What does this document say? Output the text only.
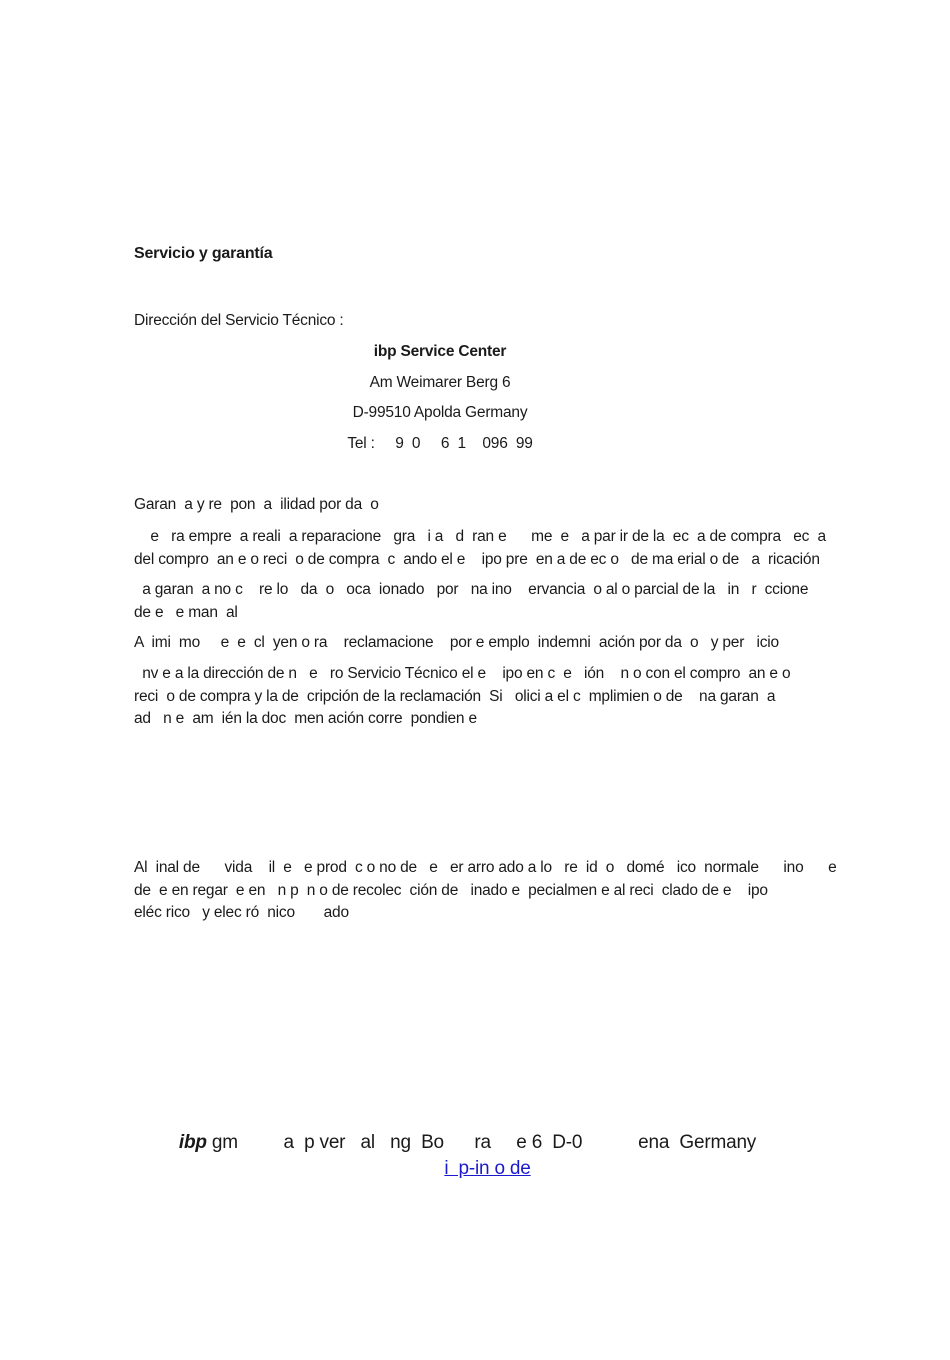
Servicio y garantía
Dirección del Servicio Técnico :
ibp Service Center
Am Weimarer Berg 6
D-99510 Apolda Germany
Tel :     9  0     6  1    096  99
Garan  a y re  pon  a  ilidad por da  o
e   ra empre  a reali  a reparacione   gra   i a   d  ran e      me  e   a par ir de la  ec  a de compra   ec  a
del compro  an e o reci  o de compra  c  ando el e    ipo pre  en a de ec o   de ma erial o de   a  ricación
a garan  a no c    re lo   da  o   oca  ionado   por   na ino    ervancia  o al o parcial de la   in   r  ccione
de e   e man  al
A  imi  mo     e  e  cl  yen o ra    reclamacione    por e emplo  indemni  ación por da  o   y per   icio
nv e a la dirección de n   e   ro Servicio Técnico el e    ipo en c  e   ión    n o con el compro  an e o
reci  o de compra y la de  cripción de la reclamación  Si   olici a el c  mplimien o de    na garan  a
ad   n e  am  ién la doc  men ación corre  pondien e
Al  inal de      vida    il  e   e prod  c o no de   e   er arro ado a lo   re  id  o   domé   ico  normale      ino      e
de  e en regar  e en   n p  n o de recolec  ción de   inado e  pecialmen e al reci  clado de e    ipo
eléc rico   y elec ró  nico       ado
ibp gm         a  p ver   al   ng  Bo      ra     e 6  D-0           ena  Germany
i  p-in o de
